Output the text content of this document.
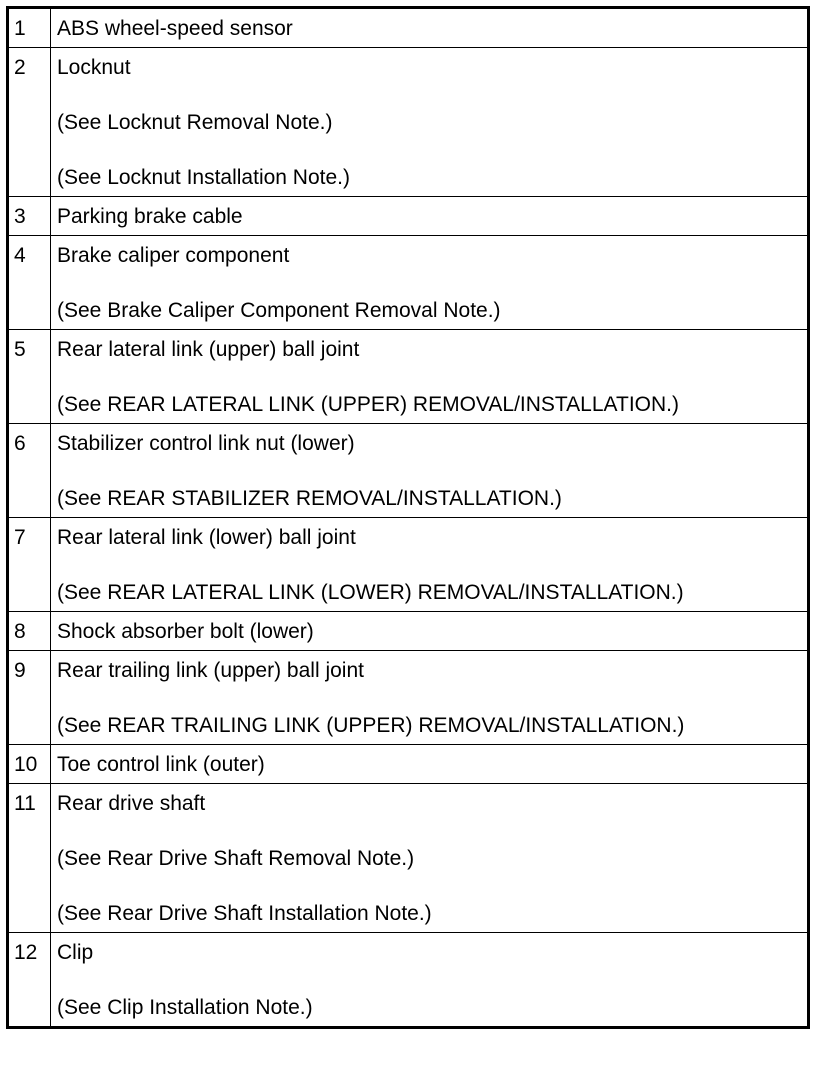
1	ABS wheel-speed sensor

2	Locknut
(See Locknut Removal Note.)
(See Locknut Installation Note.)

3	Parking brake cable

4	Brake caliper component
(See Brake Caliper Component Removal Note.)

5	Rear lateral link (upper) ball joint
(See REAR LATERAL LINK (UPPER) REMOVAL/INSTALLATION.)

6	Stabilizer control link nut (lower)
(See REAR STABILIZER REMOVAL/INSTALLATION.)

7	Rear lateral link (lower) ball joint
(See REAR LATERAL LINK (LOWER) REMOVAL/INSTALLATION.)

8	Shock absorber bolt (lower)

9	Rear trailing link (upper) ball joint
(See REAR TRAILING LINK (UPPER) REMOVAL/INSTALLATION.)

10	Toe control link (outer)

11	Rear drive shaft
(See Rear Drive Shaft Removal Note.)
(See Rear Drive Shaft Installation Note.)

12	Clip
(See Clip Installation Note.)
